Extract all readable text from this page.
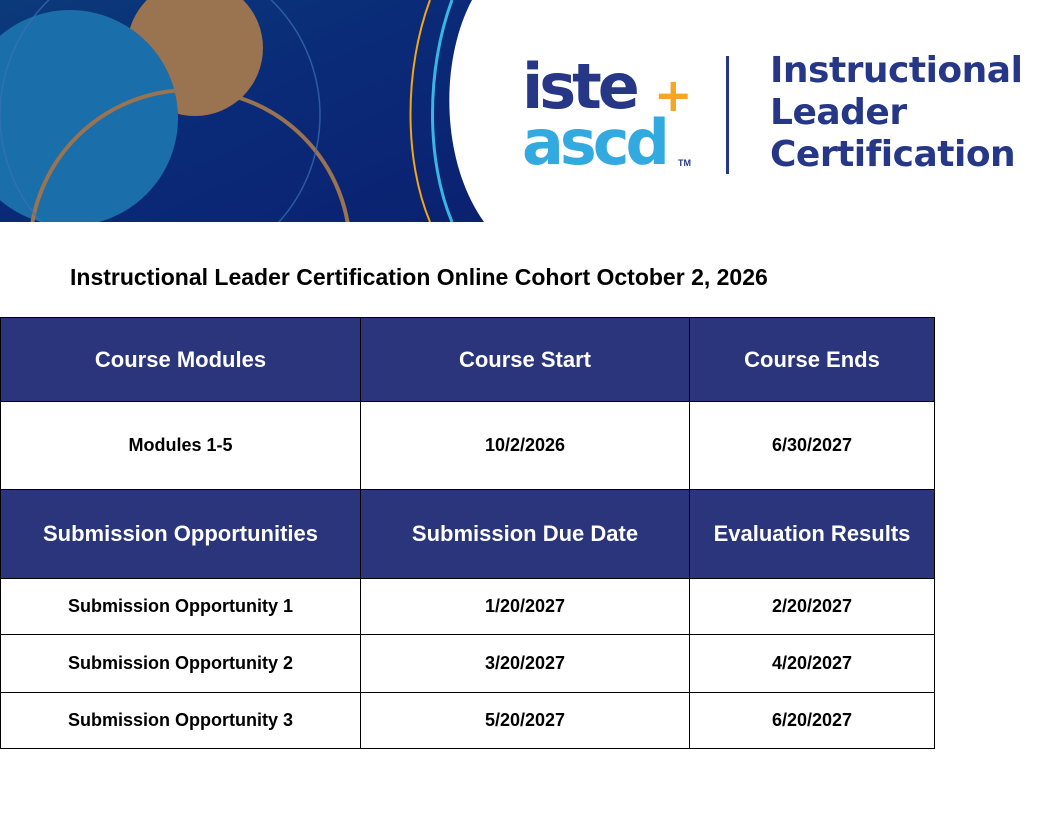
iste +
ascd TM
Instructional
Leader
Certification
Instructional Leader Certification Online Cohort October 2, 2026
Course Modules	Course Start	Course Ends
Modules 1-5	10/2/2026	6/30/2027
Submission Opportunities	Submission Due Date	Evaluation Results
Submission Opportunity 1	1/20/2027	2/20/2027
Submission Opportunity 2	3/20/2027	4/20/2027
Submission Opportunity 3	5/20/2027	6/20/2027
